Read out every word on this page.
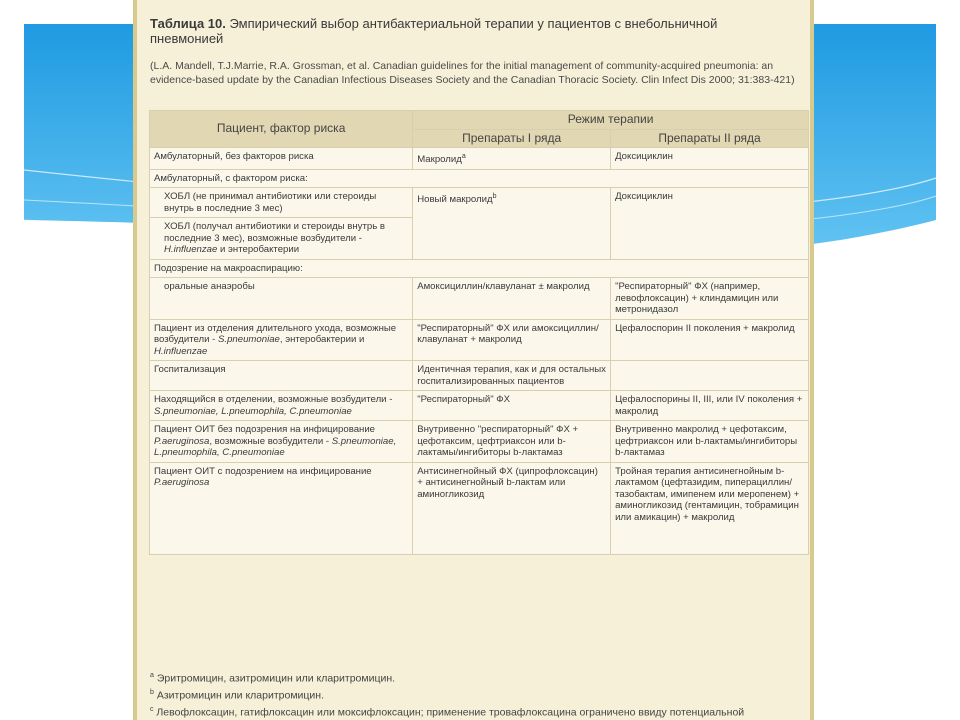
Таблица 10. Эмпирический выбор антибактериальной терапии у пациентов с внебольничной пневмонией
(L.A. Mandell, T.J.Marrie, R.A. Grossman, et al. Canadian guidelines for the initial management of community-acquired pneumonia: an evidence-based update by the Canadian Infectious Diseases Society and the Canadian Thoracic Society. Clin Infect Dis 2000; 31:383-421)
Пациент, фактор риска	Режим терапии	
	Препараты I ряда	Препараты II ряда
Амбулаторный, без факторов риска	Макролид$^a$	Доксициклин
Амбулаторный, с фактором риска:		
ХОБЛ (не принимал антибиотики или стероиды внутрь в последние 3 мес)	Новый макролид$^b$	Доксициклин
ХОБЛ (получал антибиотики и стероиды внутрь в последние 3 мес), возможные возбудители - H.influenzae и энтеробактерии		
Подозрение на макроаспирацию:		
оральные анаэробы	Амоксициллин/клавуланат ± макролид	"Респираторный" ФХ (например, левофлоксацин) + клиндамицин или метронидазол
Пациент из отделения длительного ухода, возможные возбудители - S.pneumoniae, энтеробактерии и H.influenzae	"Респираторный" ФХ или амоксициллин/клавуланат + макролид	Цефалоспорин II поколения + макролид
Госпитализация	Идентичная терапия, как и для остальных госпитализированных пациентов	
Находящийся в отделении, возможные возбудители - S.pneumoniae, L.pneumophila, C.pneumoniae	"Респираторный" ФХ	Цефалоспорины II, III, или IV поколения + макролид
Пациент ОИТ без подозрения на инфицирование P.aeruginosa, возможные возбудители - S.pneumoniae, L.pneumophila, C.pneumoniae	Внутривенно "респираторный" ФХ + цефотаксим, цефтриаксон или b-лактамы/ингибиторы b-лактамаз	Внутривенно макролид + цефотаксим, цефтриаксон или b-лактамы/ингибиторы b-лактамаз
Пациент ОИТ с подозрением на инфицирование P.aeruginosa	Антисинегнойный ФХ (ципрофлоксацин) + антисинегнойный b-лактам или аминогликозид	Тройная терапия антисинегнойным b-лактамом (цефтазидим, пиперациллин/тазобактам, имипенем или меропенем) + аминогликозид (гентамицин, тобрамицин или амикацин) + макролид
$^a$ Эритромицин, азитромицин или кларитромицин.
$^b$ Азитромицин или кларитромицин.
$^c$ Левофлоксацин, гатифлоксацин или моксифлоксацин; применение тровафлоксацина ограничено ввиду потенциальной
